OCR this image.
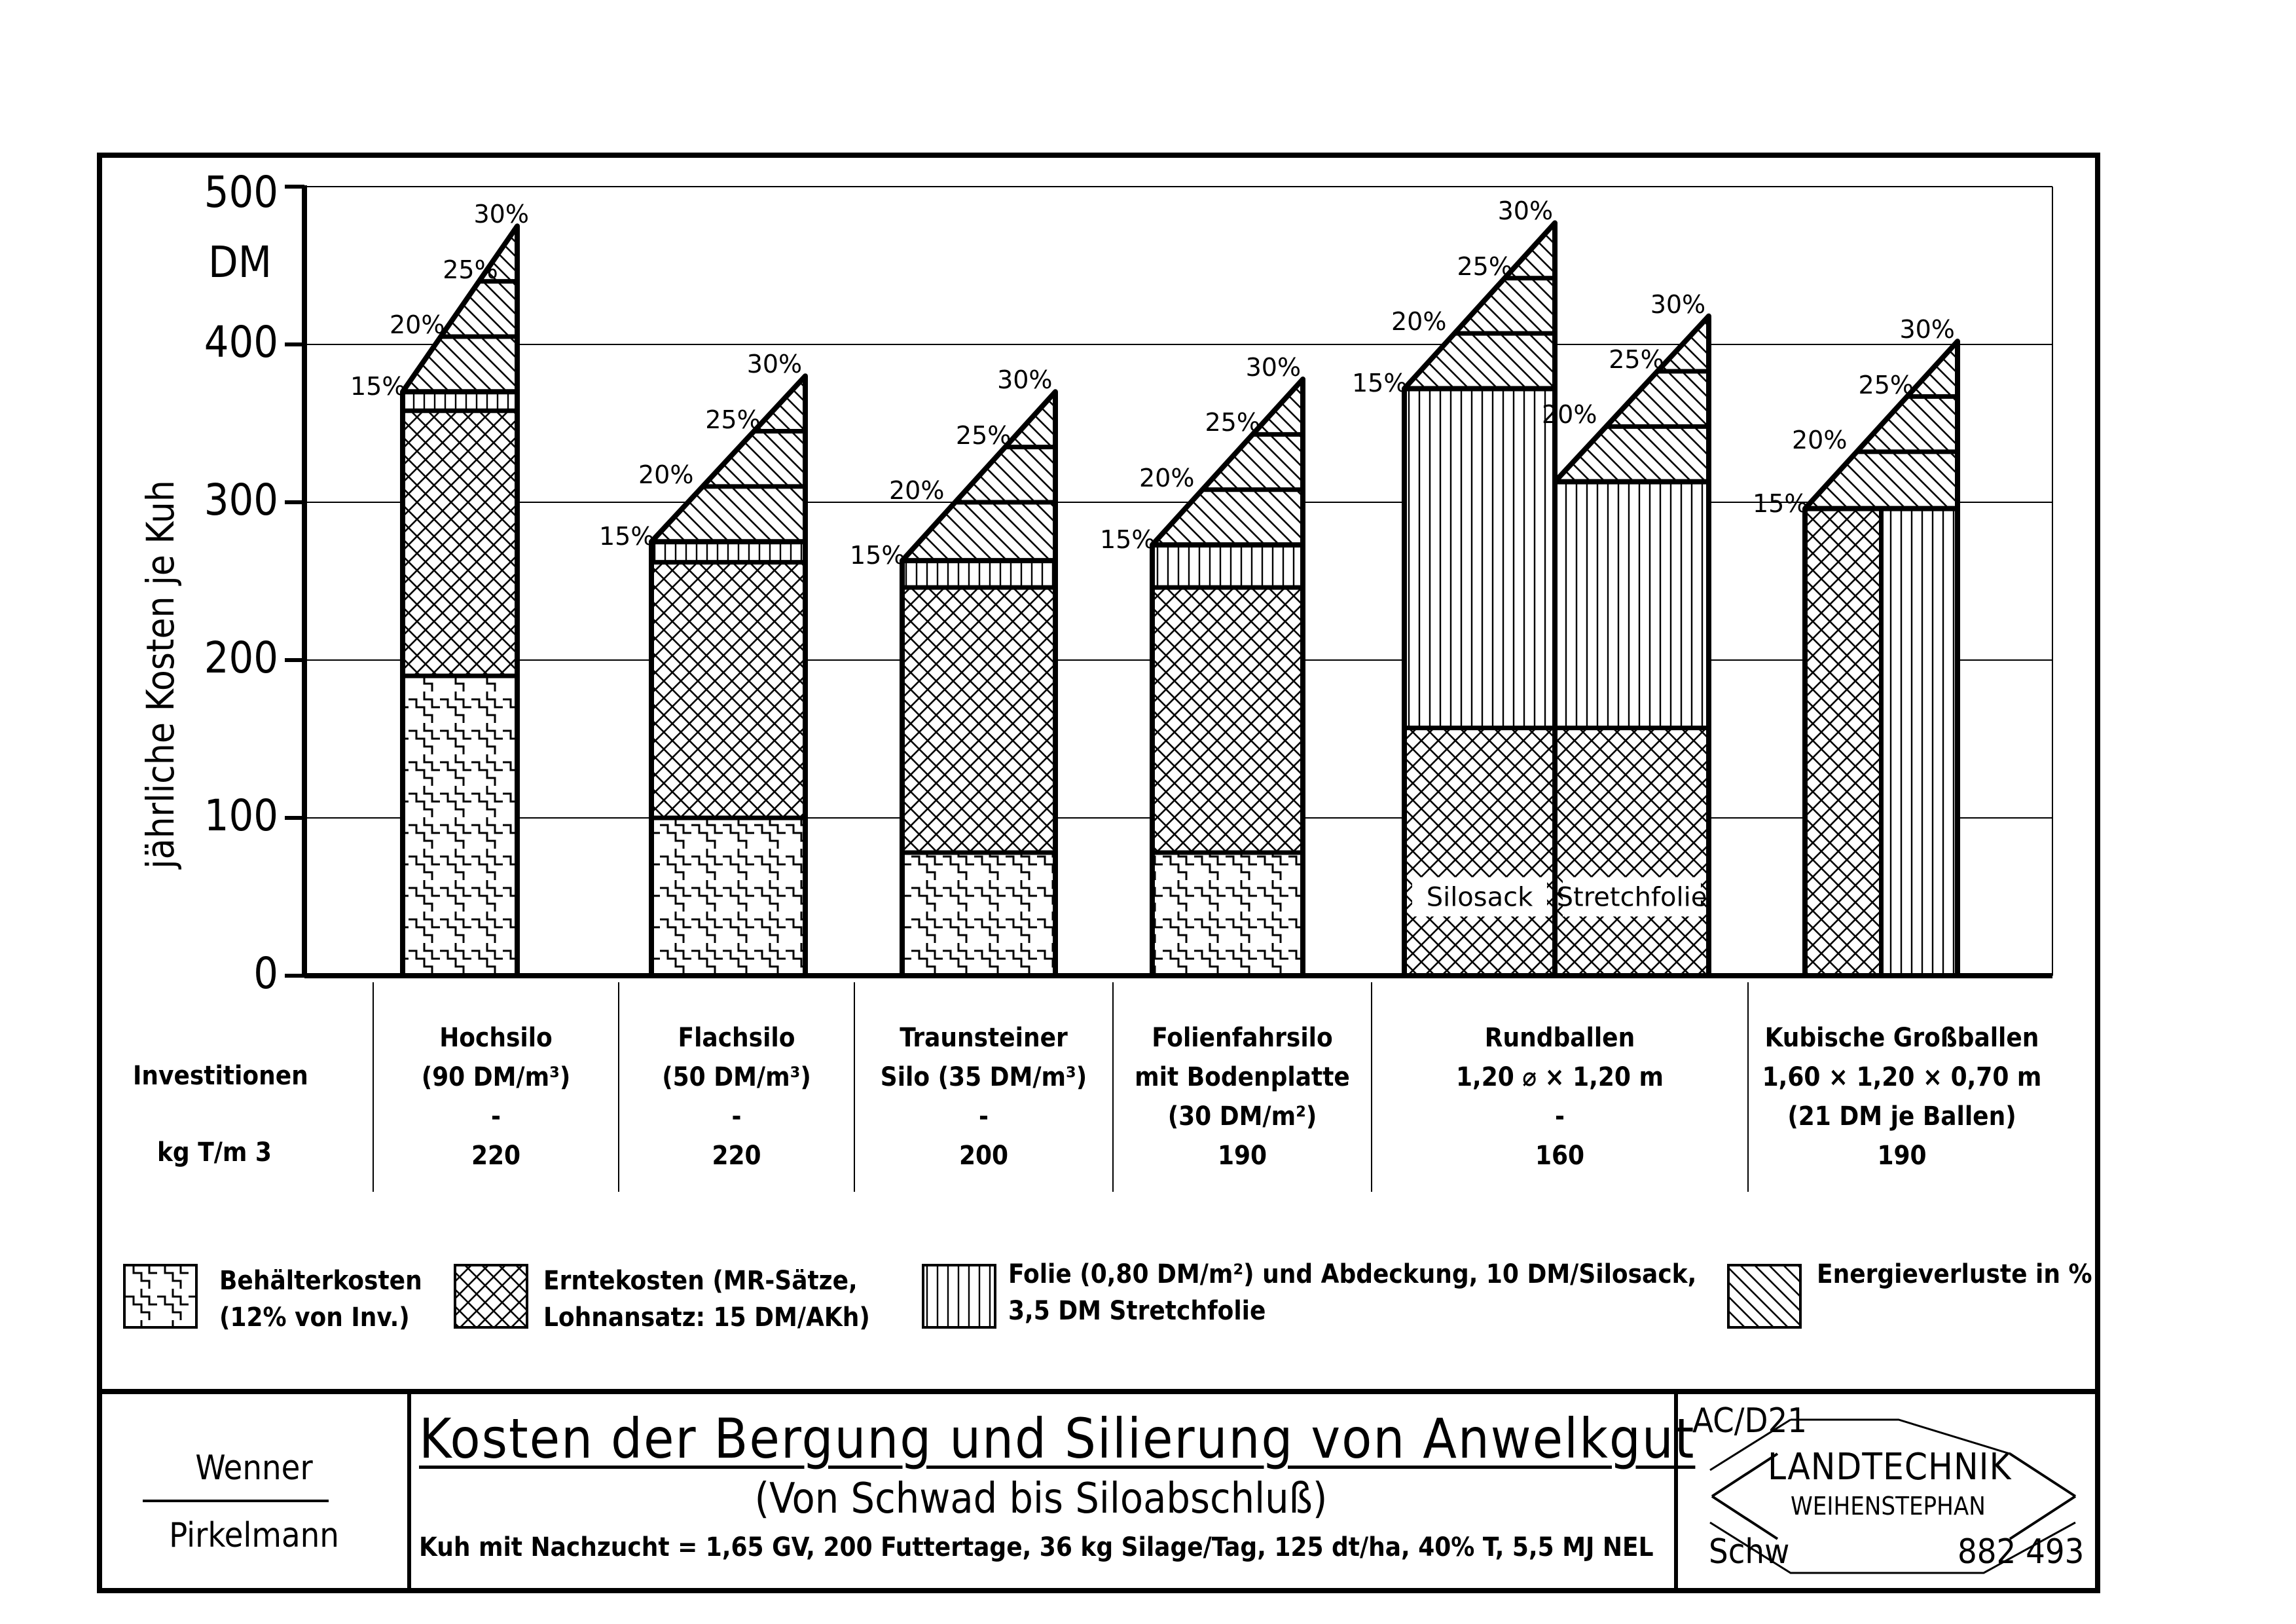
Silosack Stretchfolie
jährliche Kosten je Kuh
DM
0
100
200
300
400
500
15%
20%
25%
30%
15%
20%
25%
30%
15%
20%
25%
30%
15%
20%
25%
30%
15%
20%
25%
30%
20%
25%
30%
15%
20%
25%
30%
Investitionen
kg T/m 3
Hochsilo
(90 DM/m³)
-
220
Flachsilo
(50 DM/m³)
-
220
Traunsteiner
Silo (35 DM/m³)
-
200
Folienfahrsilo
mit Bodenplatte
(30 DM/m²)
190
Rundballen
1,20 ⌀ × 1,20 m
-
160
Kubische Großballen
1,60 × 1,20 × 0,70 m
(21 DM je Ballen)
190
Behälterkosten
(12% von Inv.)
Erntekosten (MR-Sätze,
Lohnansatz: 15 DM/AKh)
Folie (0,80 DM/m²) und Abdeckung, 10 DM/Silosack,
3,5 DM Stretchfolie
Energieverluste in %
Wenner
Pirkelmann
Kosten der Bergung und Silierung von Anwelkgut
(Von Schwad bis Siloabschluß)
Kuh mit Nachzucht = 1,65 GV, 200 Futtertage, 36 kg Silage/Tag, 125 dt/ha, 40% T, 5,5 MJ NEL
AC/D21
LANDTECHNIK
WEIHENSTEPHAN
Schw	882 493
